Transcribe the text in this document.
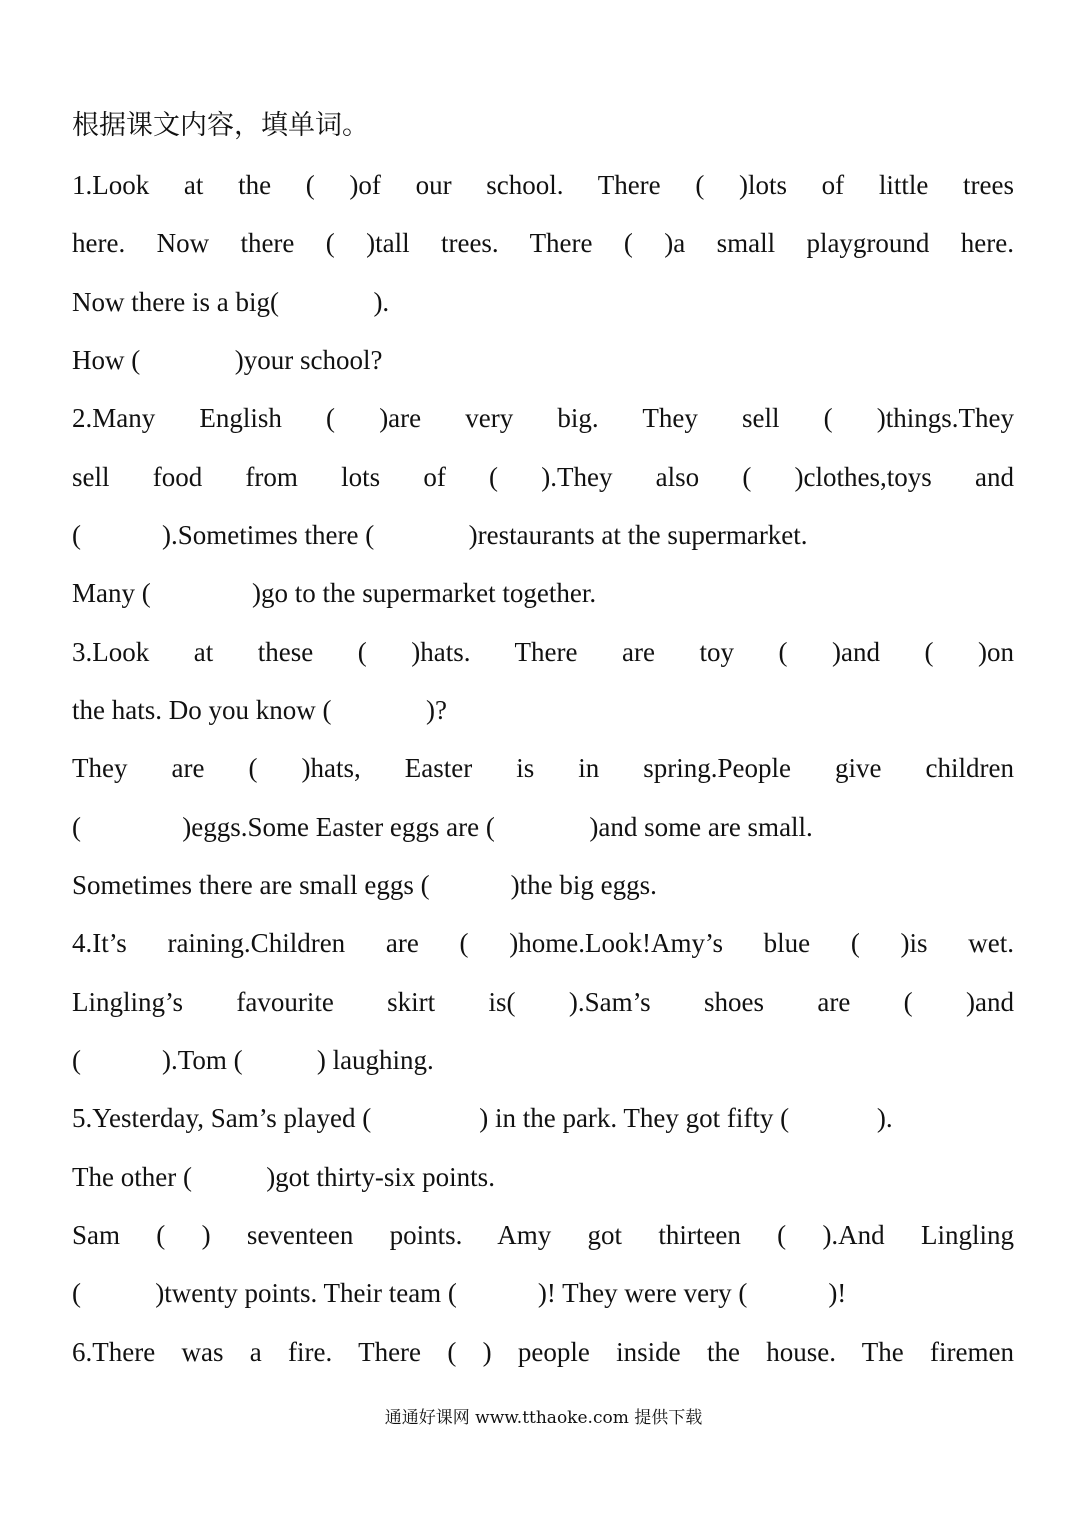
根据课文内容，填单词。
1.Look at the ( )of our school. There ( )lots of little trees
here. Now there ( )tall trees. There ( )a small playground here.
Now there is a big(              ).
How (              )your school?
2.Many English ( )are very big. They sell ( )things.They
sell food from lots of ( ).They also ( )clothes,toys and
(            ).Sometimes there (              )restaurants at the supermarket.
Many (               )go to the supermarket together.
3.Look at these ( )hats. There are toy ( )and ( )on
the hats. Do you know (              )?
They are ( )hats, Easter is in spring.People give children
(               )eggs.Some Easter eggs are (              )and some are small.
Sometimes there are small eggs (            )the big eggs.
4.It’s raining.Children are ( )home.Look!Amy’s blue ( )is wet.
Lingling’s favourite skirt is( ).Sam’s shoes are ( )and
(            ).Tom (           ) laughing.
5.Yesterday, Sam’s played (                ) in the park. They got fifty (             ).
The other (           )got thirty-six points.
Sam ( ) seventeen points. Amy got thirteen ( ).And Lingling
(           )twenty points. Their team (            )! They were very (            )!
6.There was a fire. There ( ) people inside the house. The firemen
通通好课网 www.tthaoke.com 提供下载
